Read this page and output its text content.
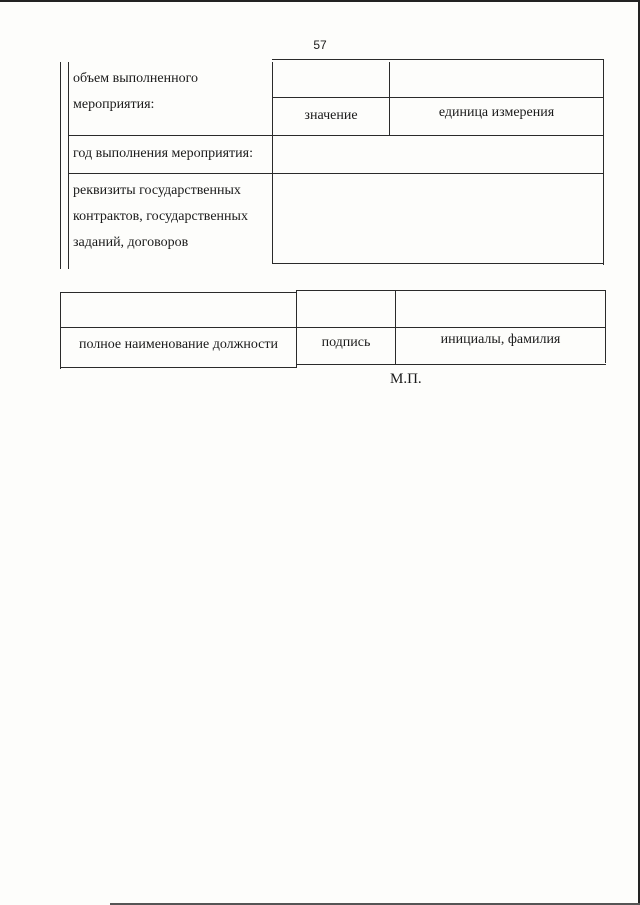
57
объем выполненного
мероприятия:
значение	единица измерения
год выполнения мероприятия:
реквизиты государственных
контрактов, государственных
заданий, договоров
полное наименование должности	подпись	инициалы, фамилия
М.П.
